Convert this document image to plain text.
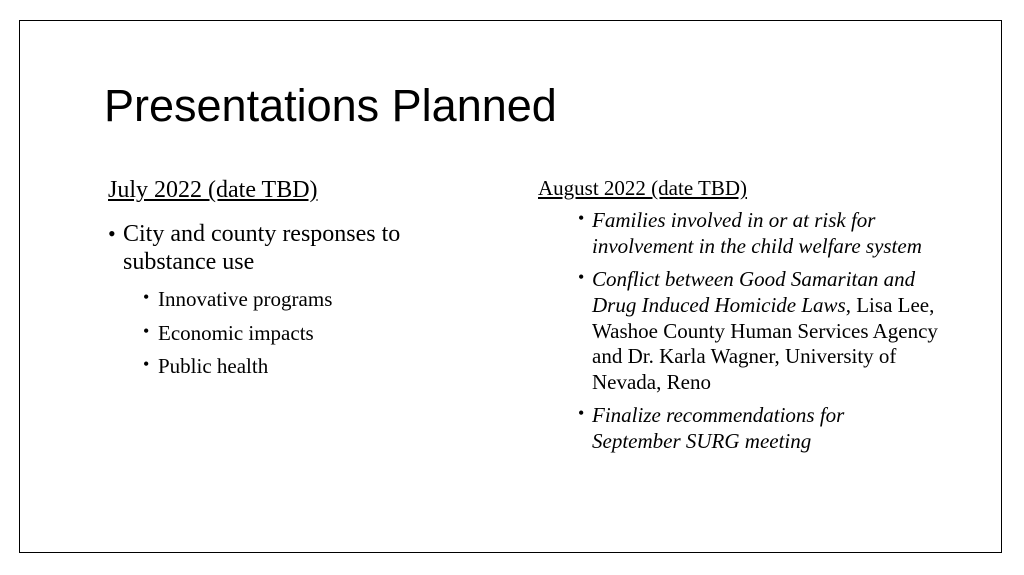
Presentations Planned

July 2022 (date TBD)

• City and county responses to substance use
• Innovative programs
• Economic impacts
• Public health

August 2022 (date TBD)

• Families involved in or at risk for involvement in the child welfare system
• Conflict between Good Samaritan and Drug Induced Homicide Laws, Lisa Lee, Washoe County Human Services Agency and Dr. Karla Wagner, University of Nevada, Reno
• Finalize recommendations for September SURG meeting
